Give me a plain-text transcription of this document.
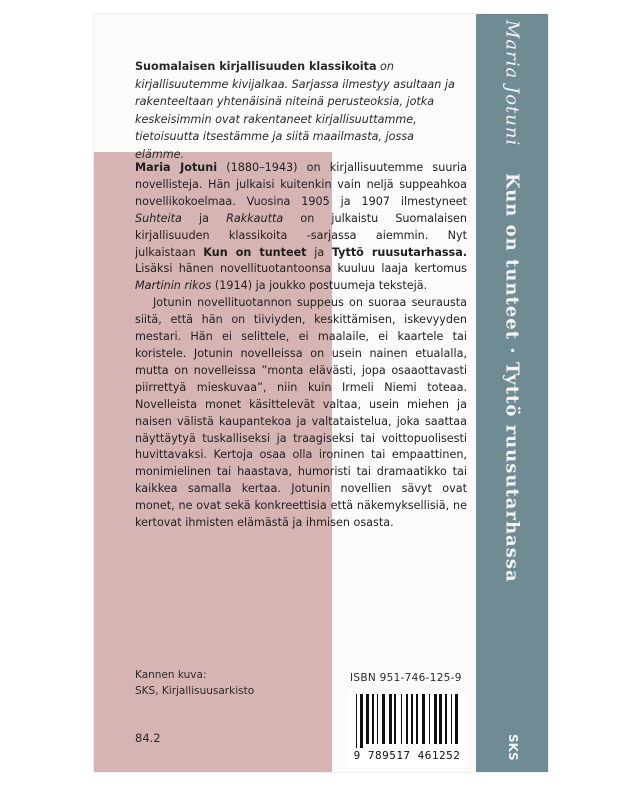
Maria Jotuni Kun on tunteet · Tyttö ruusutarhassa
SKS
Suomalaisen kirjallisuuden klassikoita on kirjallisuutemme kivijalkaa. Sarjassa ilmestyy asultaan ja rakenteeltaan yhtenäisinä niteinä perusteoksia, jotka keskeisimmin ovat rakentaneet kirjallisuuttamme, tietoisuutta itsestämme ja siitä maailmasta, jossa elämme.

Maria Jotuni (1880–1943) on kirjallisuutemme suuria novellisteja. Hän julkaisi kuitenkin vain neljä suppeahkoa novellikokoelmaa. Vuosina 1905 ja 1907 ilmestyneet Suhteita ja Rakkautta on julkaistu Suomalaisen kirjallisuuden klassikoita -sarjassa aiemmin. Nyt julkaistaan Kun on tunteet ja Tyttö ruusutarhassa. Lisäksi hänen novellituotantoonsa kuuluu laaja kertomus Martinin rikos (1914) ja joukko postuumeja tekstejä.

Jotunin novellituotannon suppeus on suoraa seurausta siitä, että hän on tiiviyden, keskittämisen, iskevyyden mestari. Hän ei selittele, ei maalaile, ei kaartele tai koristele. Jotunin novelleissa on usein nainen etualalla, mutta on novelleissa ”monta elävästi, jopa osaaottavasti piirrettyä mieskuvaa”, niin kuin Irmeli Niemi toteaa. Novelleista monet käsittelevät valtaa, usein miehen ja naisen välistä kaupantekoa ja valtataistelua, joka saattaa näyttäytyä tuskalliseksi ja traagiseksi tai voittopuolisesti huvittavaksi. Kertoja osaa olla ironinen tai empaattinen, monimielinen tai haastava, humoristi tai dramaatikko tai kaikkea samalla kertaa. Jotunin novellien sävyt ovat monet, ne ovat sekä konkreettisia että näkemyksellisiä, ne kertovat ihmisten elämästä ja ihmisen osasta.

Kannen kuva:
SKS, Kirjallisuusarkisto
84.2
ISBN 951-746-125-9
9 789517 461252
